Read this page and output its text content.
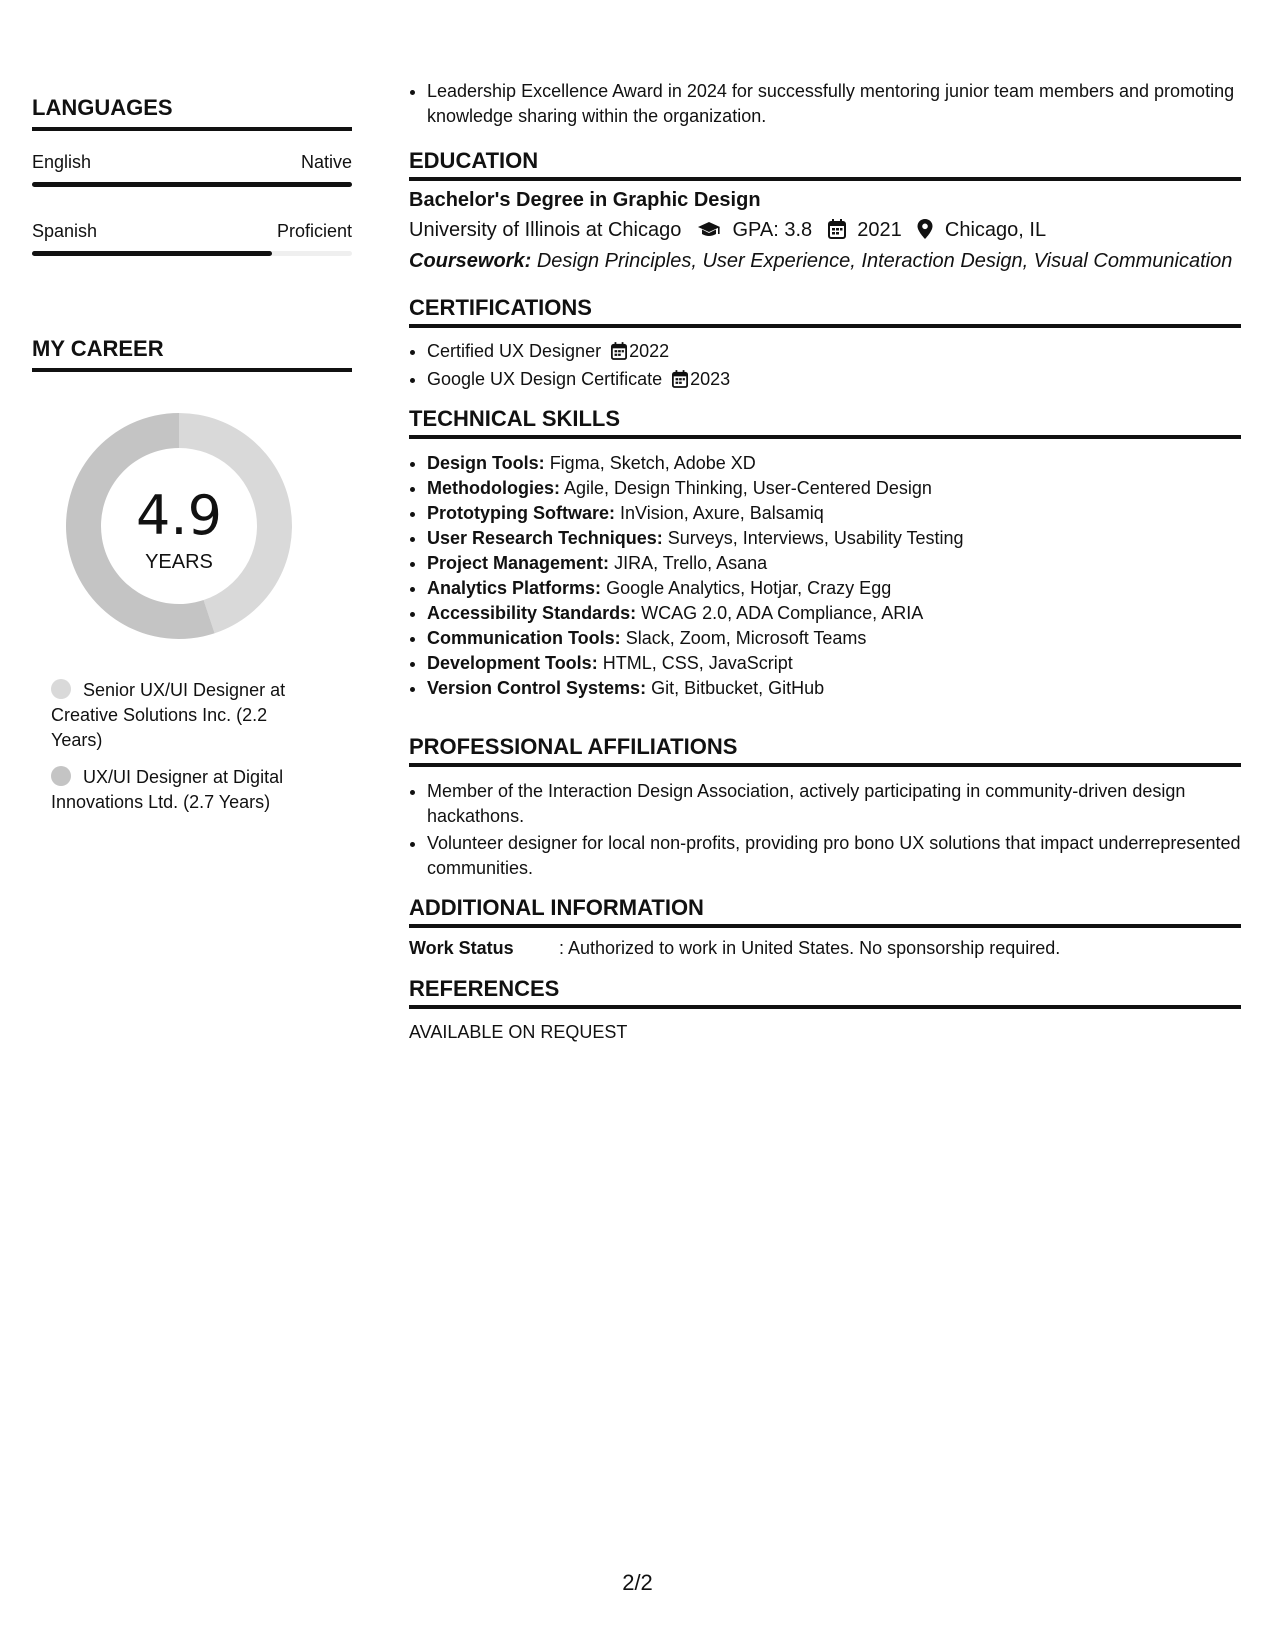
LANGUAGES
English	Native
Spanish	Proficient
MY CAREER
4.9
YEARS
Senior UX/UI Designer at Creative Solutions Inc. (2.2 Years)
UX/UI Designer at Digital Innovations Ltd. (2.7 Years)
• Leadership Excellence Award in 2024 for successfully mentoring junior team members and promoting knowledge sharing within the organization.
EDUCATION
Bachelor's Degree in Graphic Design
University of Illinois at Chicago	GPA: 3.8 2021 Chicago, IL
Coursework: Design Principles, User Experience, Interaction Design, Visual Communication
CERTIFICATIONS
• Certified UX Designer 2022
• Google UX Design Certificate 2023
TECHNICAL SKILLS
• Design Tools: Figma, Sketch, Adobe XD
• Methodologies: Agile, Design Thinking, User-Centered Design
• Prototyping Software: InVision, Axure, Balsamiq
• User Research Techniques: Surveys, Interviews, Usability Testing
• Project Management: JIRA, Trello, Asana
• Analytics Platforms: Google Analytics, Hotjar, Crazy Egg
• Accessibility Standards: WCAG 2.0, ADA Compliance, ARIA
• Communication Tools: Slack, Zoom, Microsoft Teams
• Development Tools: HTML, CSS, JavaScript
• Version Control Systems: Git, Bitbucket, GitHub
PROFESSIONAL AFFILIATIONS
• Member of the Interaction Design Association, actively participating in community-driven design hackathons.
• Volunteer designer for local non-profits, providing pro bono UX solutions that impact underrepresented communities.
ADDITIONAL INFORMATION
Work Status	: Authorized to work in United States. No sponsorship required.
REFERENCES
AVAILABLE ON REQUEST
2/2
